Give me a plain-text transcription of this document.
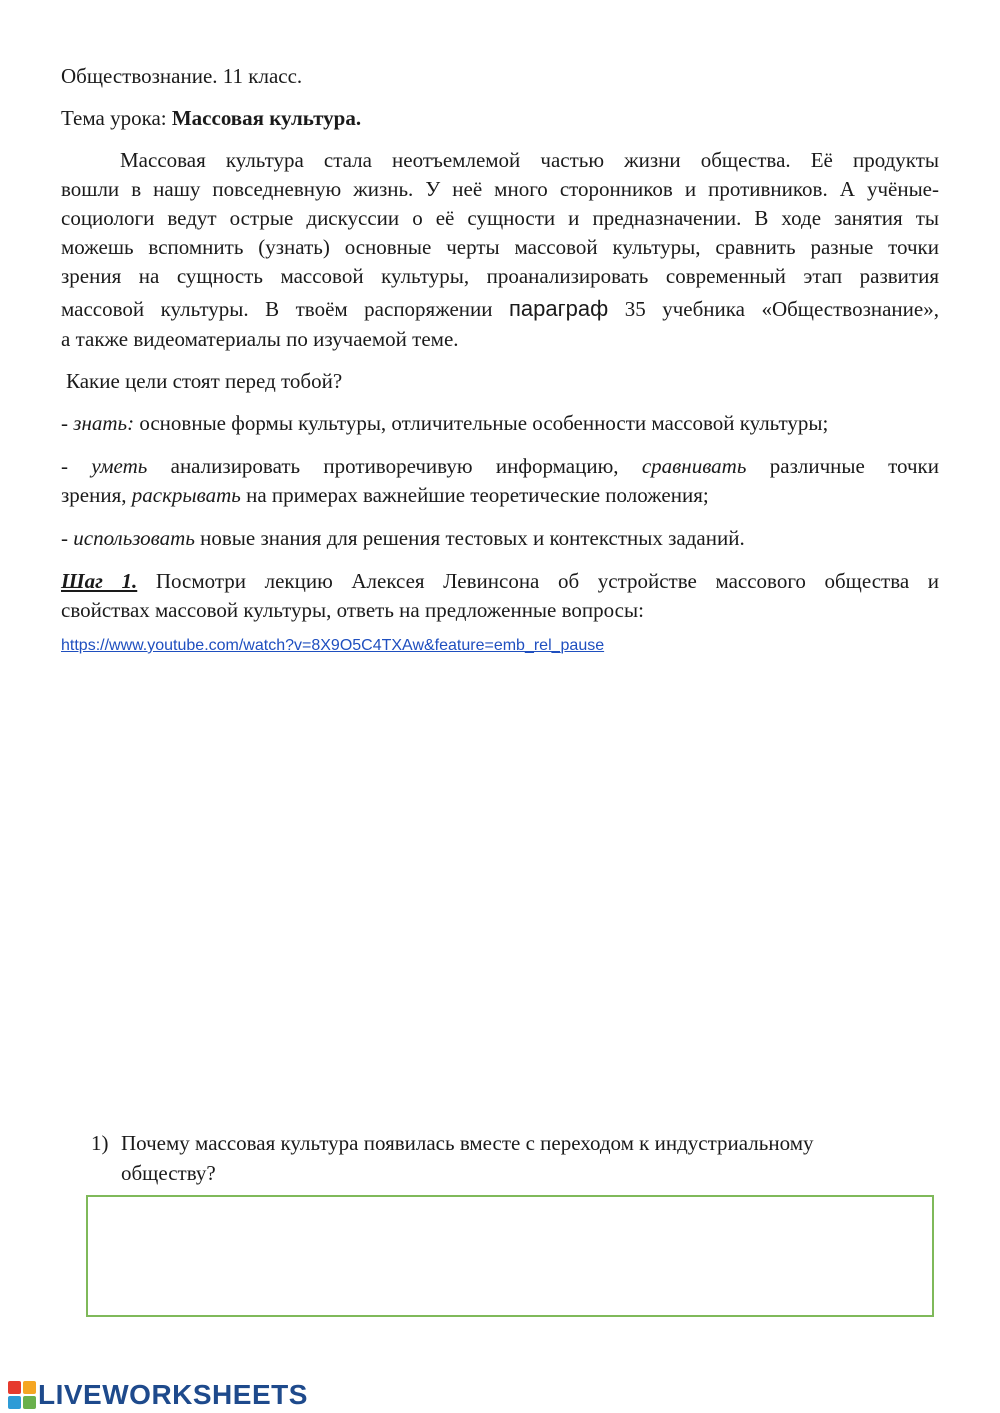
Обществознание. 11 класс.
Тема урока: Массовая культура.
Массовая культура стала неотъемлемой частью жизни общества. Её продукты
вошли в нашу повседневную жизнь. У неё много сторонников и противников. А учёные-
социологи ведут острые дискуссии о её сущности и предназначении. В ходе занятия ты
можешь вспомнить (узнать) основные черты массовой культуры, сравнить разные точки
зрения на сущность массовой культуры, проанализировать современный этап развития
массовой культуры. В твоём распоряжении параграф 35 учебника «Обществознание»,
а также видеоматериалы по изучаемой теме.
Какие цели стоят перед тобой?
- знать: основные формы культуры, отличительные особенности массовой культуры;
- уметь анализировать противоречивую информацию, сравнивать различные точки
зрения, раскрывать на примерах важнейшие теоретические положения;
- использовать новые знания для решения тестовых и контекстных заданий.
Шаг 1. Посмотри лекцию Алексея Левинсона об устройстве массового общества и
свойствах массовой культуры, ответь на предложенные вопросы:
https://www.youtube.com/watch?v=8X9O5C4TXAw&feature=emb_rel_pause
1) Почему массовая культура появилась вместе с переходом к индустриальному
обществу?
LIVEWORKSHEETS
